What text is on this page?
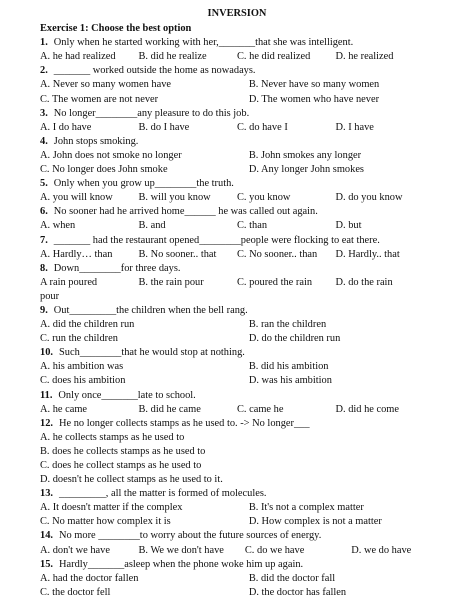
INVERSION
Exercise 1: Choose the best option
1. Only when he started working with her,_______that she was intelligent.
A. he had realized	B. did he realize	C. he did realized	D. he realized
2. _______ worked outside the home as nowadays.
A. Never so many women have	B. Never have so many women
C. The women are not never	D. The women who have never
3. No longer________any pleasure to do this job.
A. I do have	B. do I have	C. do have I	D. I have
4. John stops smoking.
A. John does not smoke no longer	B. John smokes any longer
C. No longer does John smoke	D. Any longer John smokes
5. Only when you grow up________the truth.
A. you will know	B. will you know	C. you know	D. do you know
6. No sooner had he arrived home______ he was called out again.
A. when	B. and	C. than	D. but
7. _______ had the restaurant opened________people were flocking to eat there.
A. Hardly… than	B. No sooner.. that	C. No sooner.. than	D. Hardly.. that
8. Down________for three days.
A rain poured	B. the rain pour	C. poured the rain	D. do the rain
pour
9. Out_________the children when the bell rang.
A. did the children run	B. ran the children
C. run the children	D. do the children run
10. Such________that he would stop at nothing.
A. his ambition was	B. did his ambition
C. does his ambition	D. was his ambition
11. Only once_______late to school.
A. he came	B. did he came	C. came he	D. did he come
12. He no longer collects stamps as he used to. -> No longer___
A. he collects stamps as he used to
B. does he collects stamps as he used to
C. does he collect stamps as he used to
D. doesn't he collect stamps as he used to it.
13. _________, all the matter is formed of molecules.
A. It doesn't matter if the complex	B. It's not a complex matter
C. No matter how complex it is	D. How complex is not a matter
14. No more ________to worry about the future sources of energy.
A. don't we have	B. We we don't have	C. do we have	D. we do have
15. Hardly_______asleep when the phone woke him up again.
A. had the doctor fallen	B. did the doctor fall
C. the doctor fell	D. the doctor has fallen
